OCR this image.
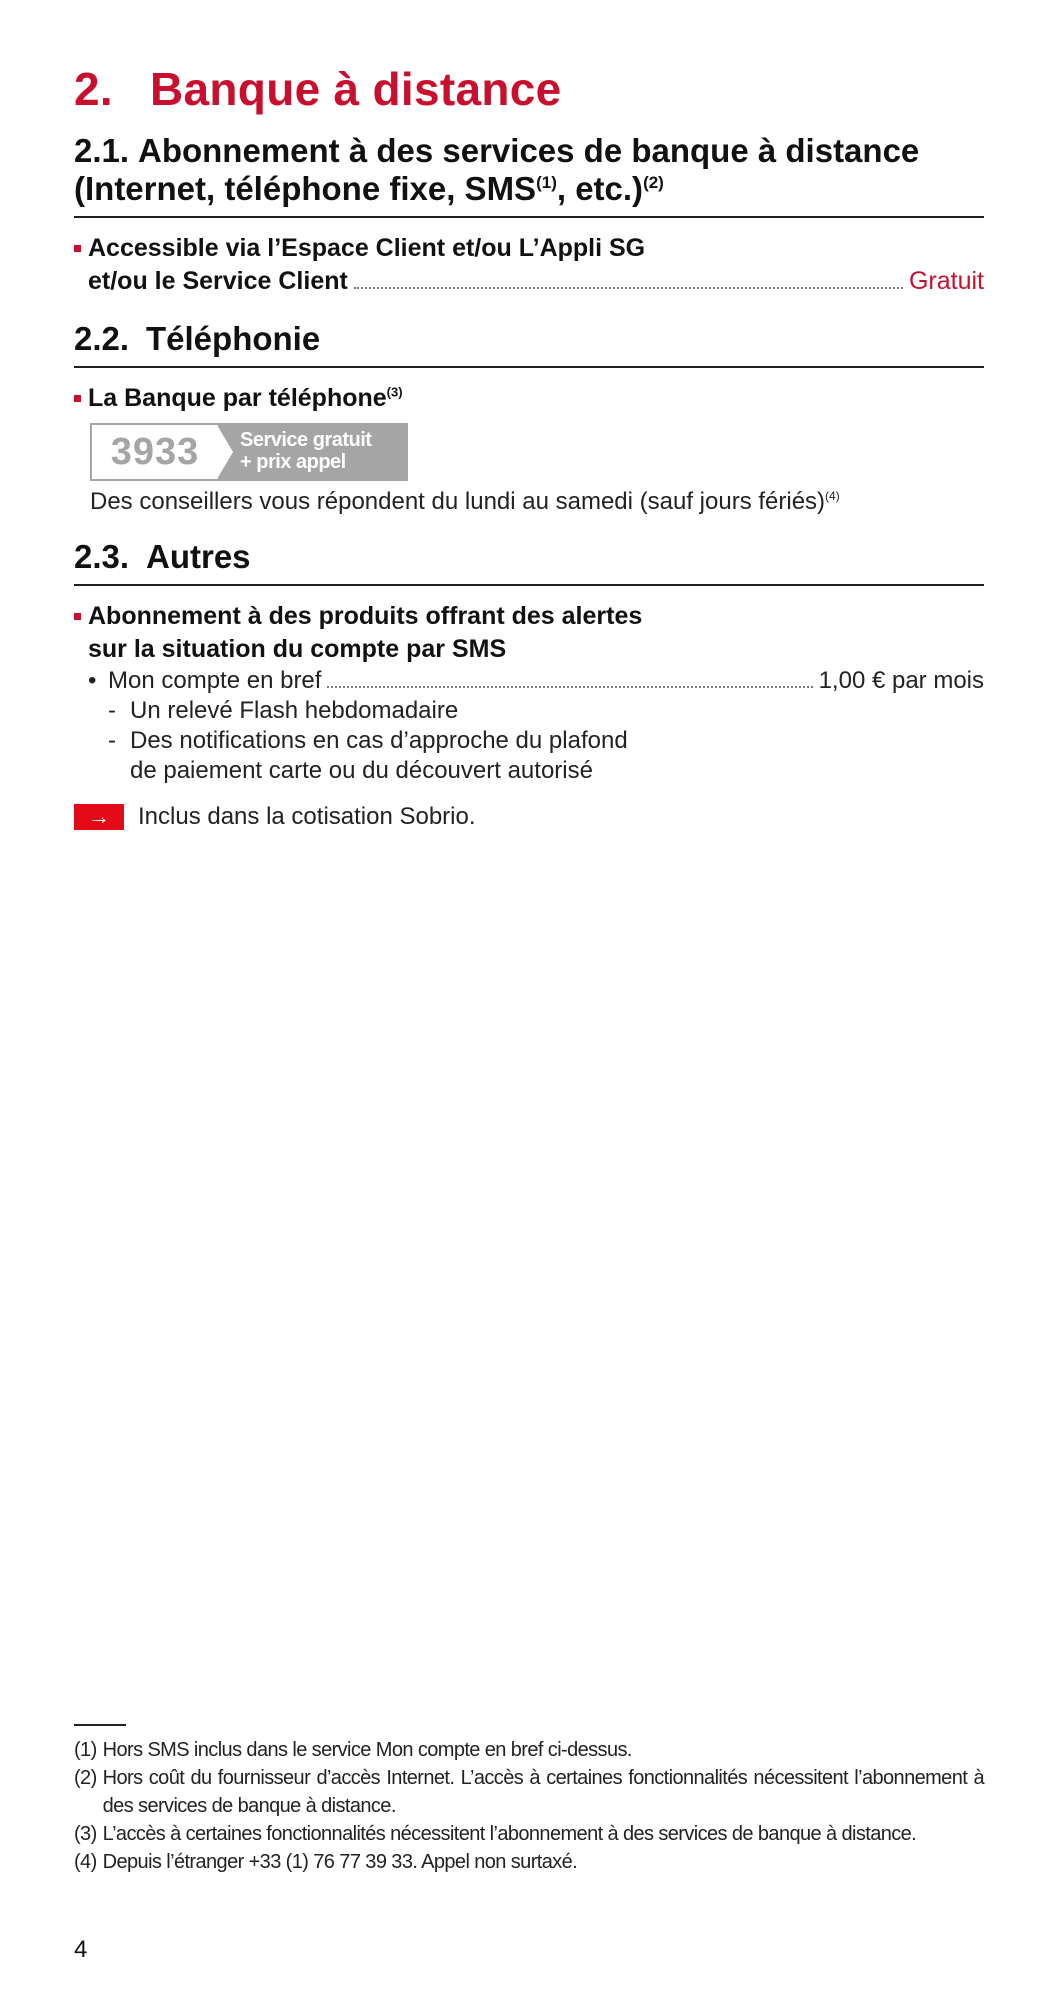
2. Banque à distance
2.1. Abonnement à des services de banque à distance
(Internet, téléphone fixe, SMS$^{(1)}$, etc.)$^{(2)}$
Accessible via l’Espace Client et/ou L’Appli SG
et/ou le Service Client	Gratuit
2.2. Téléphonie
La Banque par téléphone$^{(3)}$
3933	Service gratuit
+ prix appel
Des conseillers vous répondent du lundi au samedi (sauf jours fériés)$^{(4)}$
2.3. Autres
Abonnement à des produits offrant des alertes
sur la situation du compte par SMS
• Mon compte en bref	1,00 € par mois
- Un relevé Flash hebdomadaire
- Des notifications en cas d’approche du plafond
de paiement carte ou du découvert autorisé
→	Inclus dans la cotisation Sobrio.
(1) Hors SMS inclus dans le service Mon compte en bref ci-dessus.
(2) Hors coût du fournisseur d’accès Internet. L’accès à certaines fonctionnalités nécessitent l’abonnement à des services de banque à distance.
(3) L’accès à certaines fonctionnalités nécessitent l’abonnement à des services de banque à distance.
(4) Depuis l’étranger +33 (1) 76 77 39 33. Appel non surtaxé.
4
